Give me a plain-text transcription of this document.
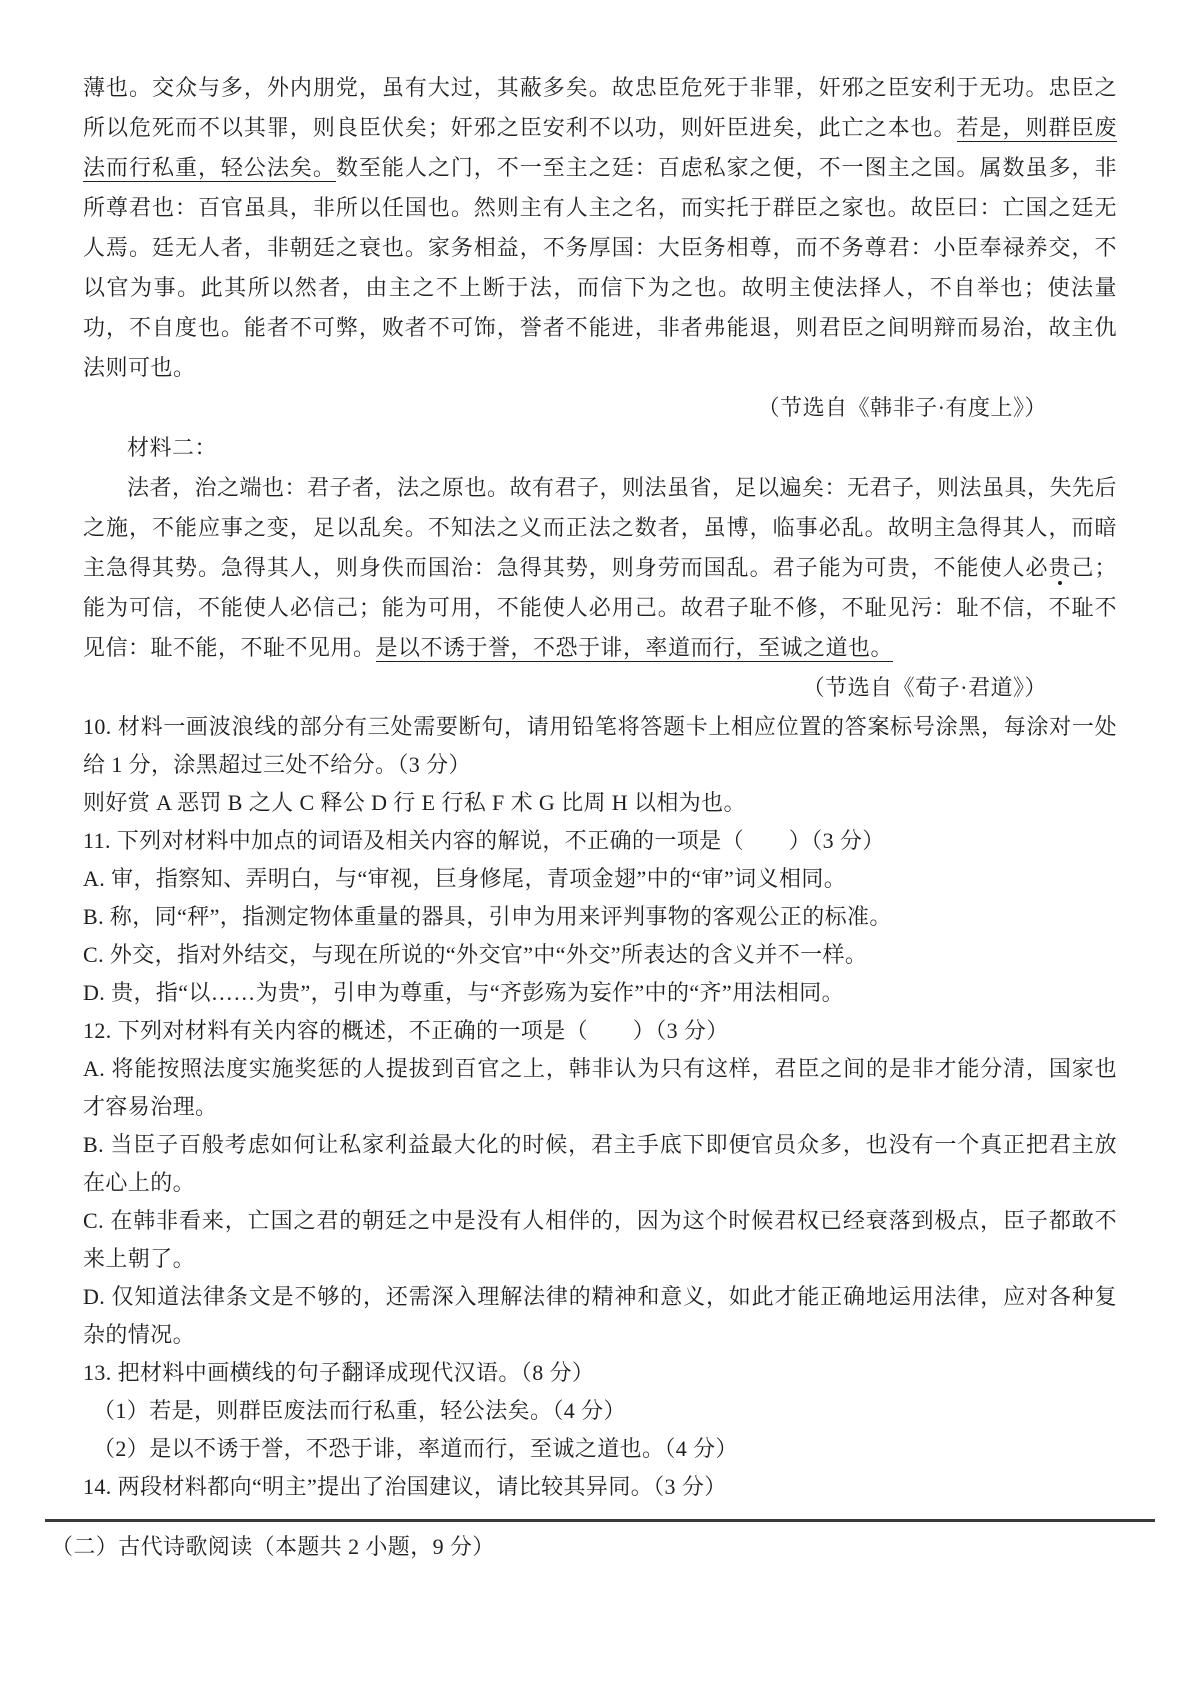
薄也。交众与多，外内朋党，虽有大过，其蔽多矣。故忠臣危死于非罪，奸邪之臣安利于无功。忠臣之所以危死而不以其罪，则良臣伏矣；奸邪之臣安利不以功，则奸臣进矣，此亡之本也。若是，则群臣废法而行私重，轻公法矣。数至能人之门，不一至主之廷：百虑私家之便，不一图主之国。属数虽多，非所尊君也：百官虽具，非所以任国也。然则主有人主之名，而实托于群臣之家也。故臣曰：亡国之廷无人焉。廷无人者，非朝廷之衰也。家务相益，不务厚国：大臣务相尊，而不务尊君：小臣奉禄养交，不以官为事。此其所以然者，由主之不上断于法，而信下为之也。故明主使法择人，不自举也；使法量功，不自度也。能者不可弊，败者不可饰，誉者不能进，非者弗能退，则君臣之间明辩而易治，故主仇法则可也。

（节选自《韩非子·有度上》）

材料二：

法者，治之端也：君子者，法之原也。故有君子，则法虽省，足以遍矣：无君子，则法虽具，失先后之施，不能应事之变，足以乱矣。不知法之义而正法之数者，虽博，临事必乱。故明主急得其人，而暗主急得其势。急得其人，则身佚而国治：急得其势，则身劳而国乱。君子能为可贵，不能使人必贵己；能为可信，不能使人必信己；能为可用，不能使人必用己。故君子耻不修，不耻见污：耻不信，不耻不见信：耻不能，不耻不见用。是以不诱于誉，不恐于诽，率道而行，至诚之道也。

（节选自《荀子·君道》）

10. 材料一画波浪线的部分有三处需要断句，请用铅笔将答题卡上相应位置的答案标号涂黑，每涂对一处给 1 分，涂黑超过三处不给分。（3 分）

则好赏 A 恶罚 B 之人 C 释公 D 行 E 行私 F 术 G 比周 H 以相为也。

11. 下列对材料中加点的词语及相关内容的解说，不正确的一项是（　　）（3 分）

A. 审，指察知、弄明白，与“审视，巨身修尾，青项金翅”中的“审”词义相同。

B. 称，同“秤”，指测定物体重量的器具，引申为用来评判事物的客观公正的标准。

C. 外交，指对外结交，与现在所说的“外交官”中“外交”所表达的含义并不一样。

D. 贵，指“以……为贵”，引申为尊重，与“齐彭殇为妄作”中的“齐”用法相同。

12. 下列对材料有关内容的概述，不正确的一项是（　　）（3 分）

A. 将能按照法度实施奖惩的人提拔到百官之上，韩非认为只有这样，君臣之间的是非才能分清，国家也才容易治理。

B. 当臣子百般考虑如何让私家利益最大化的时候，君主手底下即便官员众多，也没有一个真正把君主放在心上的。

C. 在韩非看来，亡国之君的朝廷之中是没有人相伴的，因为这个时候君权已经衰落到极点，臣子都敢不来上朝了。

D. 仅知道法律条文是不够的，还需深入理解法律的精神和意义，如此才能正确地运用法律，应对各种复杂的情况。

13. 把材料中画横线的句子翻译成现代汉语。（8 分）

（1）若是，则群臣废法而行私重，轻公法矣。（4 分）

（2）是以不诱于誉，不恐于诽，率道而行，至诚之道也。（4 分）

14. 两段材料都向“明主”提出了治国建议，请比较其异同。（3 分）

（二）古代诗歌阅读（本题共 2 小题，9 分）
